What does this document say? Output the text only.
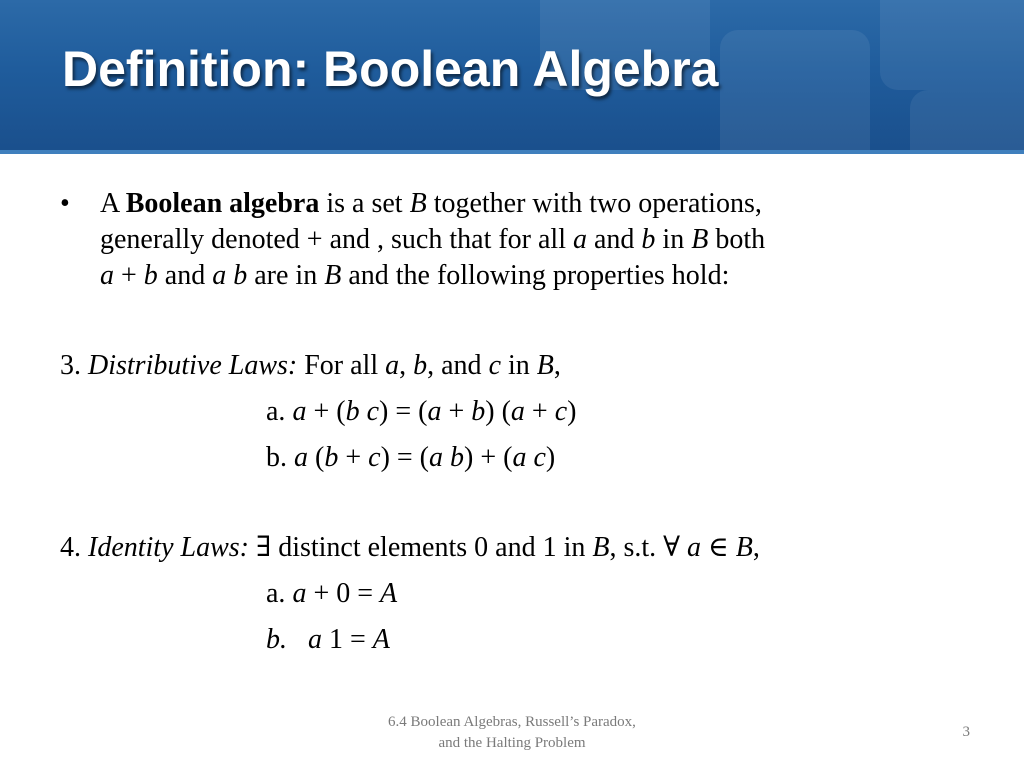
Definition: Boolean Algebra
• A Boolean algebra is a set B together with two operations,
generally denoted + and , such that for all a and b in B both
a + b and a b are in B and the following properties hold:
3. Distributive Laws: For all a, b, and c in B,
a. a + (b c) = (a + b) (a + c)
b. a (b + c) = (a b) + (a c)
4. Identity Laws: ∃ distinct elements 0 and 1 in B, s.t. ∀ a ∈ B,
a. a + 0 = A
b.   a 1 = A
6.4 Boolean Algebras, Russell’s Paradox,
and the Halting Problem
3
